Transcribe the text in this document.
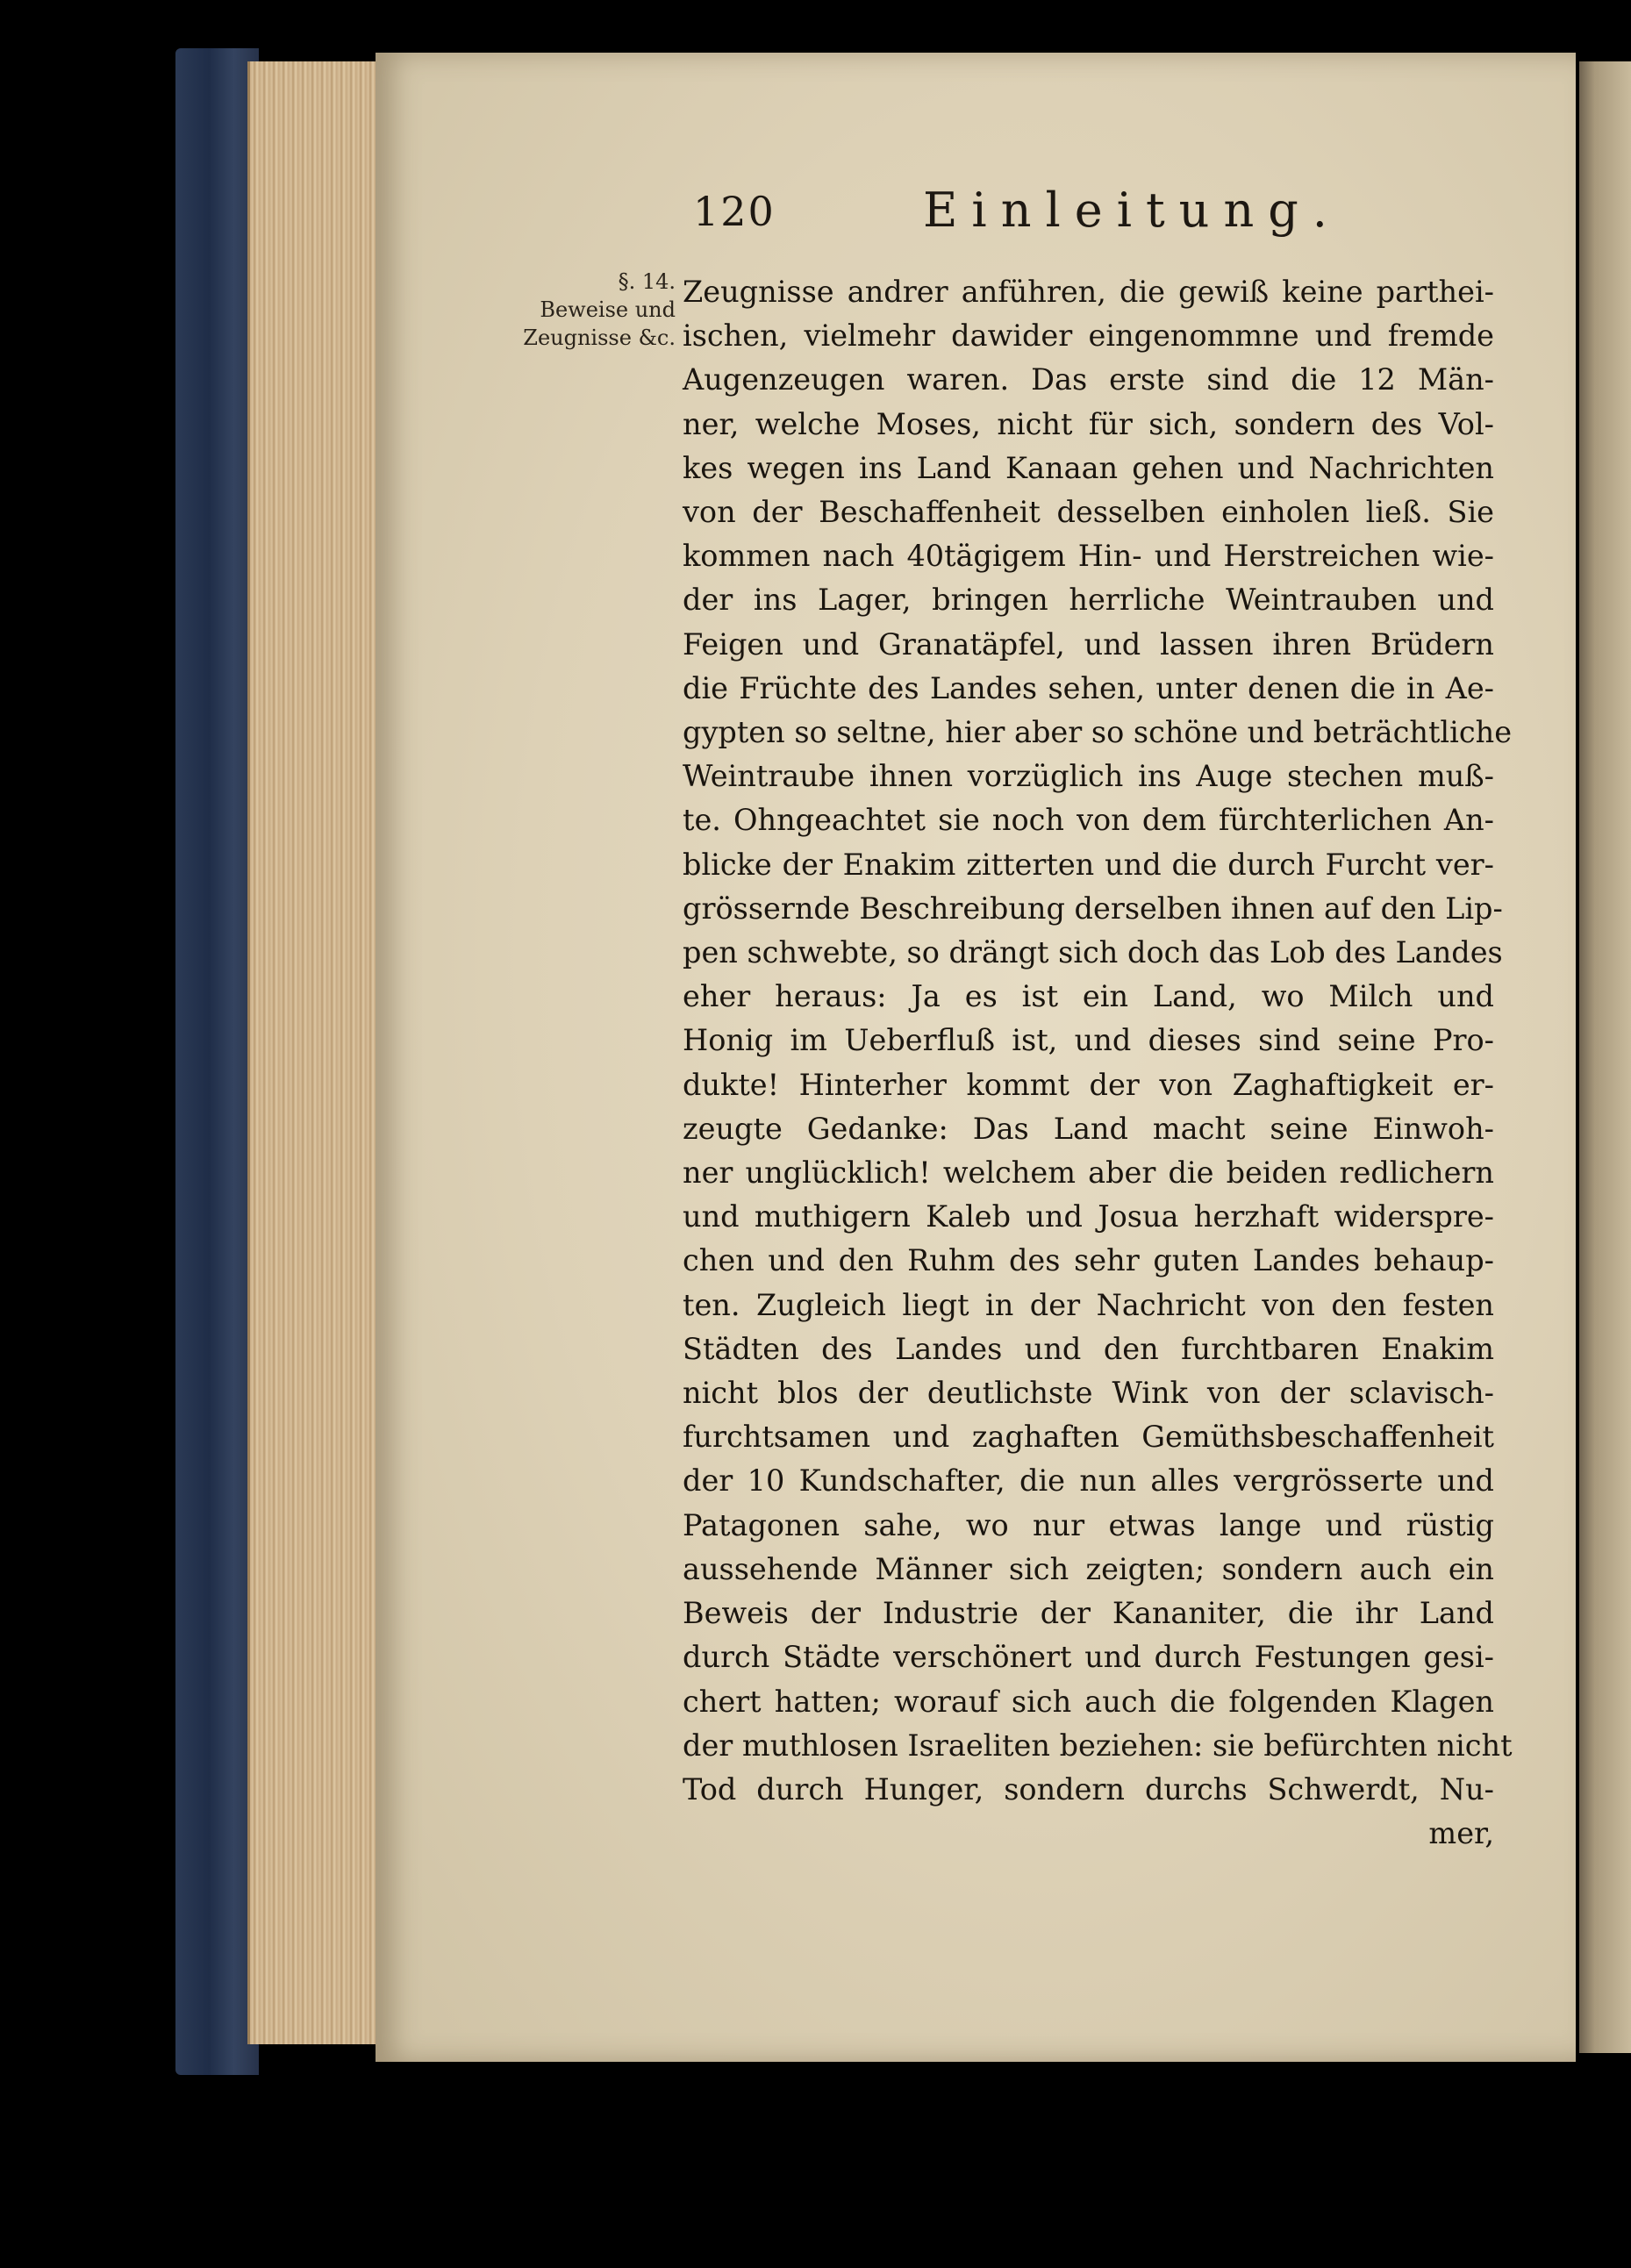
120	Einleitung.
§. 14.
Beweise und
Zeugnisse &c.
Zeugnisse andrer anführen, die gewiß keine parthei-
ischen, vielmehr dawider eingenommne und fremde
Augenzeugen waren. Das erste sind die 12 Män-
ner, welche Moses, nicht für sich, sondern des Vol-
kes wegen ins Land Kanaan gehen und Nachrichten
von der Beschaffenheit desselben einholen ließ. Sie
kommen nach 40tägigem Hin- und Herstreichen wie-
der ins Lager, bringen herrliche Weintrauben und
Feigen und Granatäpfel, und lassen ihren Brüdern
die Früchte des Landes sehen, unter denen die in Ae-
gypten so seltne, hier aber so schöne und beträchtliche
Weintraube ihnen vorzüglich ins Auge stechen muß-
te. Ohngeachtet sie noch von dem fürchterlichen An-
blicke der Enakim zitterten und die durch Furcht ver-
grössernde Beschreibung derselben ihnen auf den Lip-
pen schwebte, so drängt sich doch das Lob des Landes
eher heraus: Ja es ist ein Land, wo Milch und
Honig im Ueberfluß ist, und dieses sind seine Pro-
dukte! Hinterher kommt der von Zaghaftigkeit er-
zeugte Gedanke: Das Land macht seine Einwoh-
ner unglücklich! welchem aber die beiden redlichern
und muthigern Kaleb und Josua herzhaft widerspre-
chen und den Ruhm des sehr guten Landes behaup-
ten. Zugleich liegt in der Nachricht von den festen
Städten des Landes und den furchtbaren Enakim
nicht blos der deutlichste Wink von der sclavisch-
furchtsamen und zaghaften Gemüthsbeschaffenheit
der 10 Kundschafter, die nun alles vergrösserte und
Patagonen sahe, wo nur etwas lange und rüstig
aussehende Männer sich zeigten; sondern auch ein
Beweis der Industrie der Kananiter, die ihr Land
durch Städte verschönert und durch Festungen gesi-
chert hatten; worauf sich auch die folgenden Klagen
der muthlosen Israeliten beziehen: sie befürchten nicht
Tod durch Hunger, sondern durchs Schwerdt, Nu-
mer,
